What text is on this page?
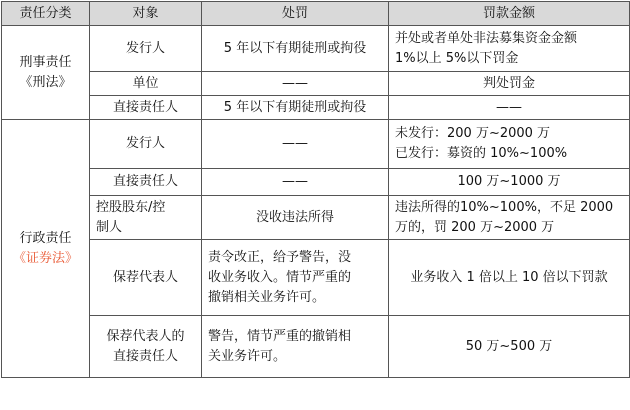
责任分类	对象	处罚	罚款金额

刑事责任
《刑法》	发行人	5 年以下有期徒刑或拘役	并处或者单处非法募集资金金额
1%以上 5%以下罚金

	单位	——	判处罚金
	直接责任人	5 年以下有期徒刑或拘役	——

行政责任
《证券法》	发行人	——	未发行：200 万~2000 万
已发行：募资的 10%~100%

	直接责任人	——	100 万~1000 万

	控股股东/控
制人	没收违法所得	违法所得的10%~100%，不足 2000
万的，罚 200 万~2000 万

	保荐代表人	责令改正，给予警告，没
收业务收入。情节严重的
撤销相关业务许可。	业务收入 1 倍以上 10 倍以下罚款

	保荐代表人的
直接责任人	警告，情节严重的撤销相
关业务许可。	50 万~500 万
